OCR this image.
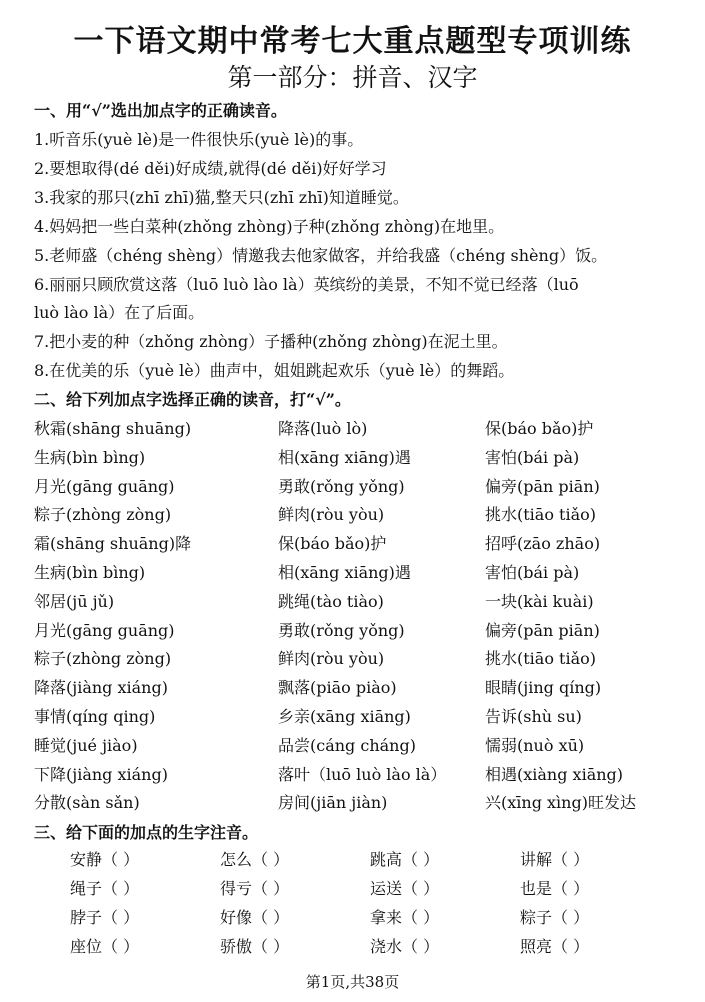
一下语文期中常考七大重点题型专项训练
第一部分：拼音、汉字
一、用“√”选出加点字的正确读音。
1.听音乐(yuè lè)是一件很快乐(yuè lè)的事。
2.要想取得(dé děi)好成绩,就得(dé děi)好好学习
3.我家的那只(zhī zhī)猫,整天只(zhī zhī)知道睡觉。
4.妈妈把一些白菜种(zhǒng zhòng)子种(zhǒng zhòng)在地里。
5.老师盛（chéng shèng）情邀我去他家做客，并给我盛（chéng shèng）饭。
6.丽丽只顾欣赏这落（luō luò lào là）英缤纷的美景，不知不觉已经落（luō
luò lào là）在了后面。
7.把小麦的种（zhǒng zhòng）子播种(zhǒng zhòng)在泥土里。
8.在优美的乐（yuè lè）曲声中，姐姐跳起欢乐（yuè lè）的舞蹈。
二、给下列加点字选择正确的读音，打“√”。
秋霜(shāng shuāng)	降落(luò lò)	保(báo bǎo)护
生病(bìn bìng)	相(xāng xiāng)遇	害怕(bái pà)
月光(gāng guāng)	勇敢(rǒng yǒng)	偏旁(pān piān)
粽子(zhòng zòng)	鲜肉(ròu yòu)	挑水(tiāo tiǎo)
霜(shāng shuāng)降	保(báo bǎo)护	招呼(zāo zhāo)
生病(bìn bìng)	相(xāng xiāng)遇	害怕(bái pà)
邻居(jū jǔ)	跳绳(tào tiào)	一块(kài kuài)
月光(gāng guāng)	勇敢(rǒng yǒng)	偏旁(pān piān)
粽子(zhòng zòng)	鲜肉(ròu yòu)	挑水(tiāo tiǎo)
降落(jiàng xiáng)	飘落(piāo piào)	眼睛(jing qíng)
事情(qíng qing)	乡亲(xāng xiāng)	告诉(shù su)
睡觉(jué jiào)	品尝(cáng cháng)	懦弱(nuò xū)
下降(jiàng xiáng)	落叶（luō luò lào là） 相遇(xiàng xiāng)
分散(sàn sǎn)	房间(jiān jiàn)	兴(xīng xìng)旺发达
三、给下面的加点的生字注音。
安静（ ）	怎么（ ）	跳高（ ）	讲解（ ）
绳子（ ）	得亏（ ）	运送（ ）	也是（ ）
脖子（ ）	好像（ ）	拿来（ ）	粽子（ ）
座位（ ）	骄傲（ ）	浇水（ ）	照亮（ ）
第1页,共38页
